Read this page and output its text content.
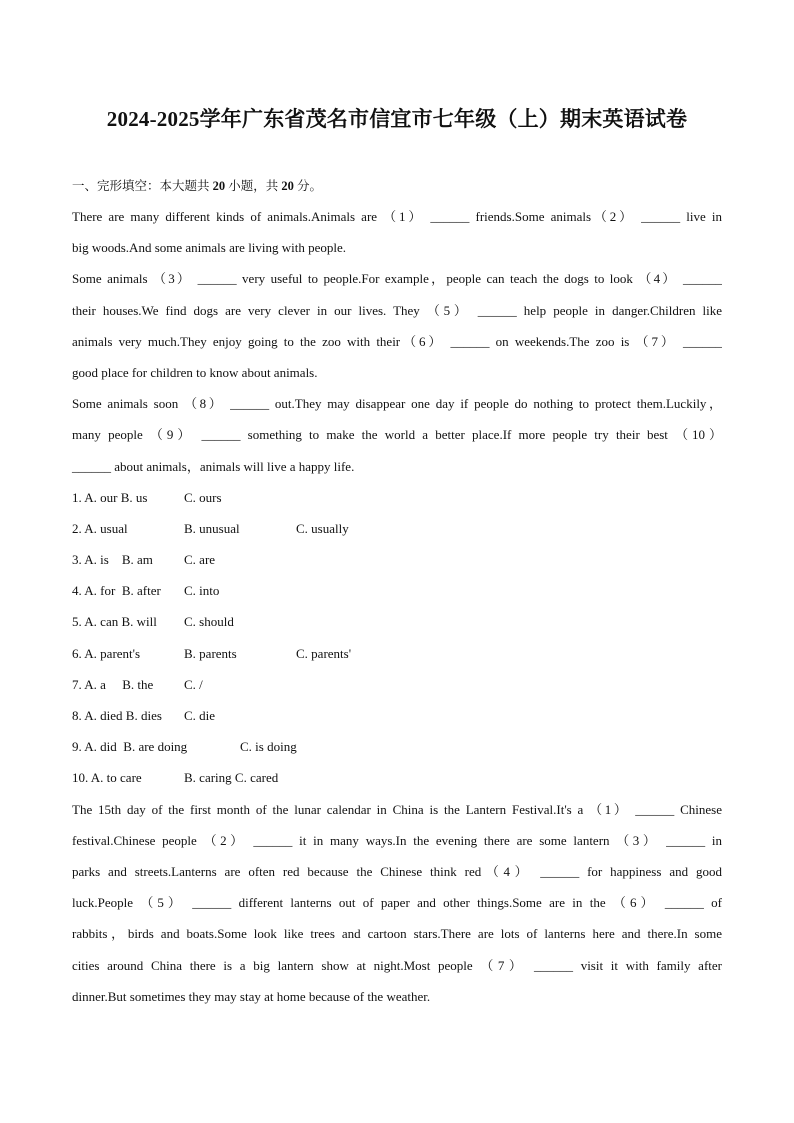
2024-2025学年广东省茂名市信宜市七年级（上）期末英语试卷
一、完形填空：本大题共 20 小题，共 20 分。
There are many different kinds of animals.Animals are （1） ______ friends.Some animals（2） ______ live in
big woods.And some animals are living with people.
Some animals （3） ______ very useful to people.For example，people can teach the dogs to look （4） ______
their houses.We find dogs are very clever in our lives. They （5） ______ help people in danger.Children like
animals very much.They enjoy going to the zoo with their（6） ______ on weekends.The zoo is （7） ______
good place for children to know about animals.
Some animals soon （8） ______ out.They may disappear one day if people do nothing to protect them.Luckily，
many people （9） ______ something to make the world a better place.If more people try their best （10）
______ about animals，animals will live a happy life.
1. A. our B. us	C. ours
2. A. usual	B. unusual	C. usually
3. A. is    B. am	C. are
4. A. for  B. after	C. into
5. A. can B. will	C. should
6. A. parent's	B. parents	C. parents'
7. A. a     B. the	C. /
8. A. died B. dies	C. die
9. A. did  B. are doing	C. is doing
10. A. to care	B. caring C. cared
The 15th day of the first month of the lunar calendar in China is the Lantern Festival.It's a （1） ______ Chinese
festival.Chinese people （2） ______ it in many ways.In the evening there are some lantern （3） ______ in
parks and streets.Lanterns are often red because the Chinese think red（4） ______ for happiness and good
luck.People （5） ______ different lanterns out of paper and other things.Some are in the （6） ______ of
rabbits，birds and boats.Some look like trees and cartoon stars.There are lots of lanterns here and there.In some
cities around China there is a big lantern show at night.Most people （7） ______ visit it with family after
dinner.But sometimes they may stay at home because of the weather.
